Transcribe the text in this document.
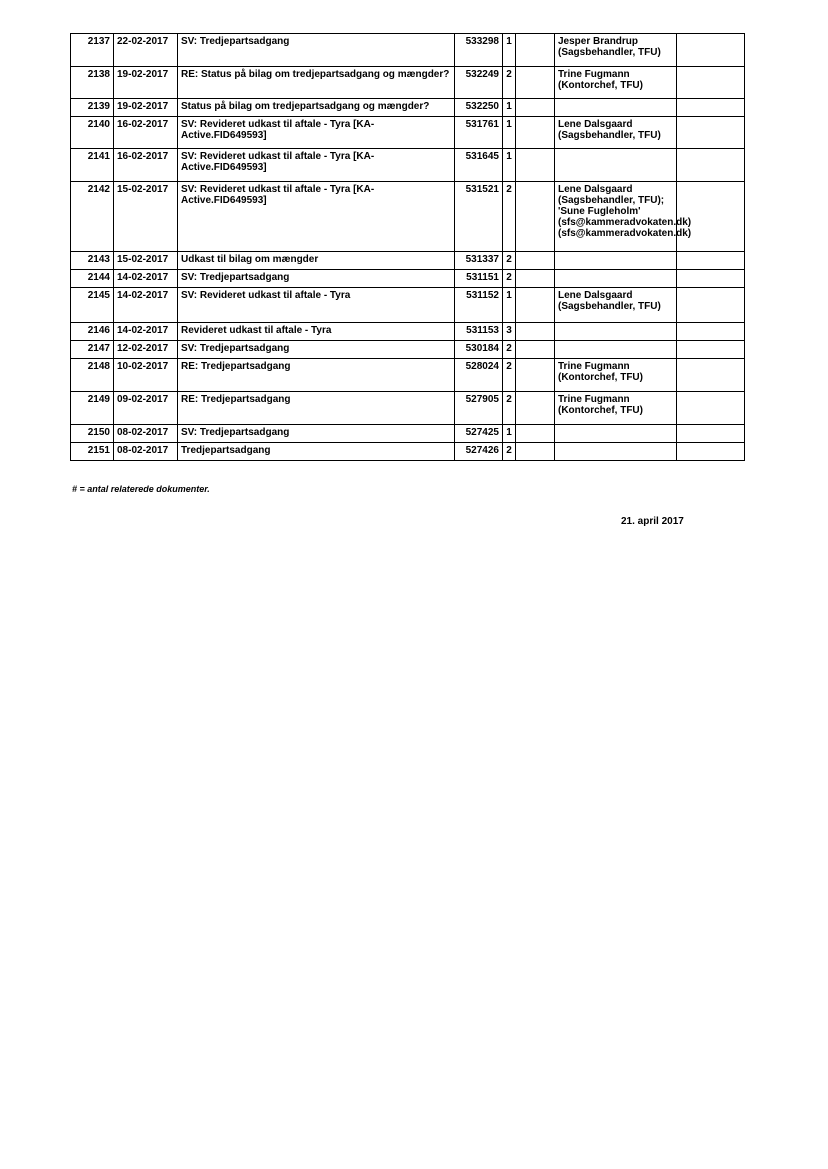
2137	22-02-2017	SV: Tredjepartsadgang	533298	1		Jesper Brandrup (Sagsbehandler, TFU)	
2138	19-02-2017	RE: Status på bilag om tredjepartsadgang og mængder?	532249	2		Trine Fugmann (Kontorchef, TFU)	
2139	19-02-2017	Status på bilag om tredjepartsadgang og mængder?	532250	1			
2140	16-02-2017	SV: Revideret udkast til aftale - Tyra [KA-Active.FID649593]	531761	1		Lene Dalsgaard (Sagsbehandler, TFU)	
2141	16-02-2017	SV: Revideret udkast til aftale - Tyra [KA-Active.FID649593]	531645	1			
2142	15-02-2017	SV: Revideret udkast til aftale - Tyra [KA-Active.FID649593]	531521	2		Lene Dalsgaard (Sagsbehandler, TFU); 'Sune Fugleholm' (sfs@kammeradvokaten.dk) (sfs@kammeradvokaten.dk)	
2143	15-02-2017	Udkast til bilag om mængder	531337	2			
2144	14-02-2017	SV: Tredjepartsadgang	531151	2			
2145	14-02-2017	SV: Revideret udkast til aftale - Tyra	531152	1		Lene Dalsgaard (Sagsbehandler, TFU)	
2146	14-02-2017	Revideret udkast til aftale - Tyra	531153	3			
2147	12-02-2017	SV: Tredjepartsadgang	530184	2			
2148	10-02-2017	RE: Tredjepartsadgang	528024	2		Trine Fugmann (Kontorchef, TFU)	
2149	09-02-2017	RE: Tredjepartsadgang	527905	2		Trine Fugmann (Kontorchef, TFU)	
2150	08-02-2017	SV: Tredjepartsadgang	527425	1			
2151	08-02-2017	Tredjepartsadgang	527426	2			
# = antal relaterede dokumenter.
21. april 2017
